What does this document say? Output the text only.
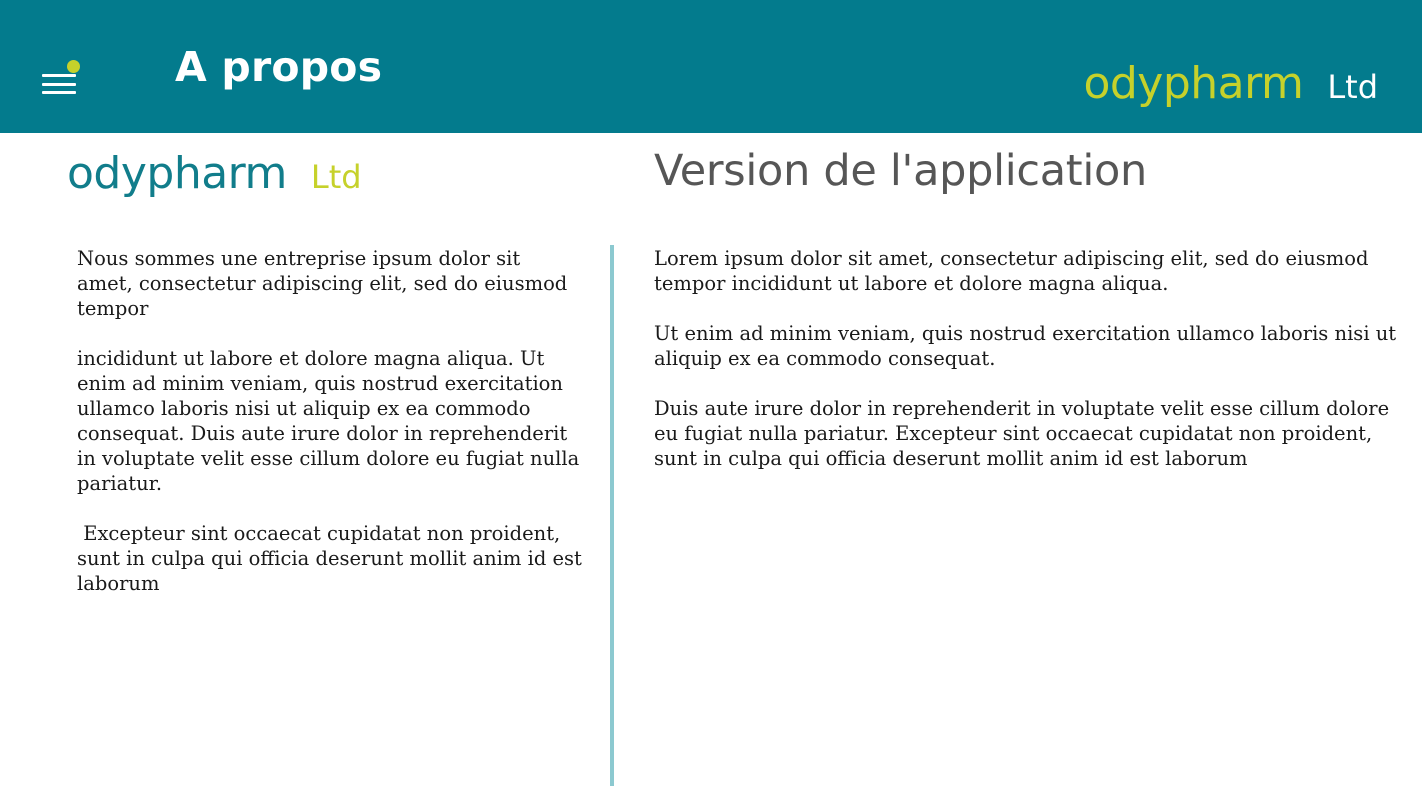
A propos	odypharm Ltd
odypharm Ltd	Version de l'application

Nous sommes une entreprise ipsum dolor sit amet, consectetur adipiscing elit, sed do eiusmod tempor

incididunt ut labore et dolore magna aliqua. Ut enim ad minim veniam, quis nostrud exercitation ullamco laboris nisi ut aliquip ex ea commodo consequat. Duis aute irure dolor in reprehenderit in voluptate velit esse cillum dolore eu fugiat nulla pariatur.

Excepteur sint occaecat cupidatat non proident, sunt in culpa qui officia deserunt mollit anim id est laborum

Lorem ipsum dolor sit amet, consectetur adipiscing elit, sed do eiusmod tempor incididunt ut labore et dolore magna aliqua.

Ut enim ad minim veniam, quis nostrud exercitation ullamco laboris nisi ut aliquip ex ea commodo consequat.

Duis aute irure dolor in reprehenderit in voluptate velit esse cillum dolore eu fugiat nulla pariatur. Excepteur sint occaecat cupidatat non proident, sunt in culpa qui officia deserunt mollit anim id est laborum
